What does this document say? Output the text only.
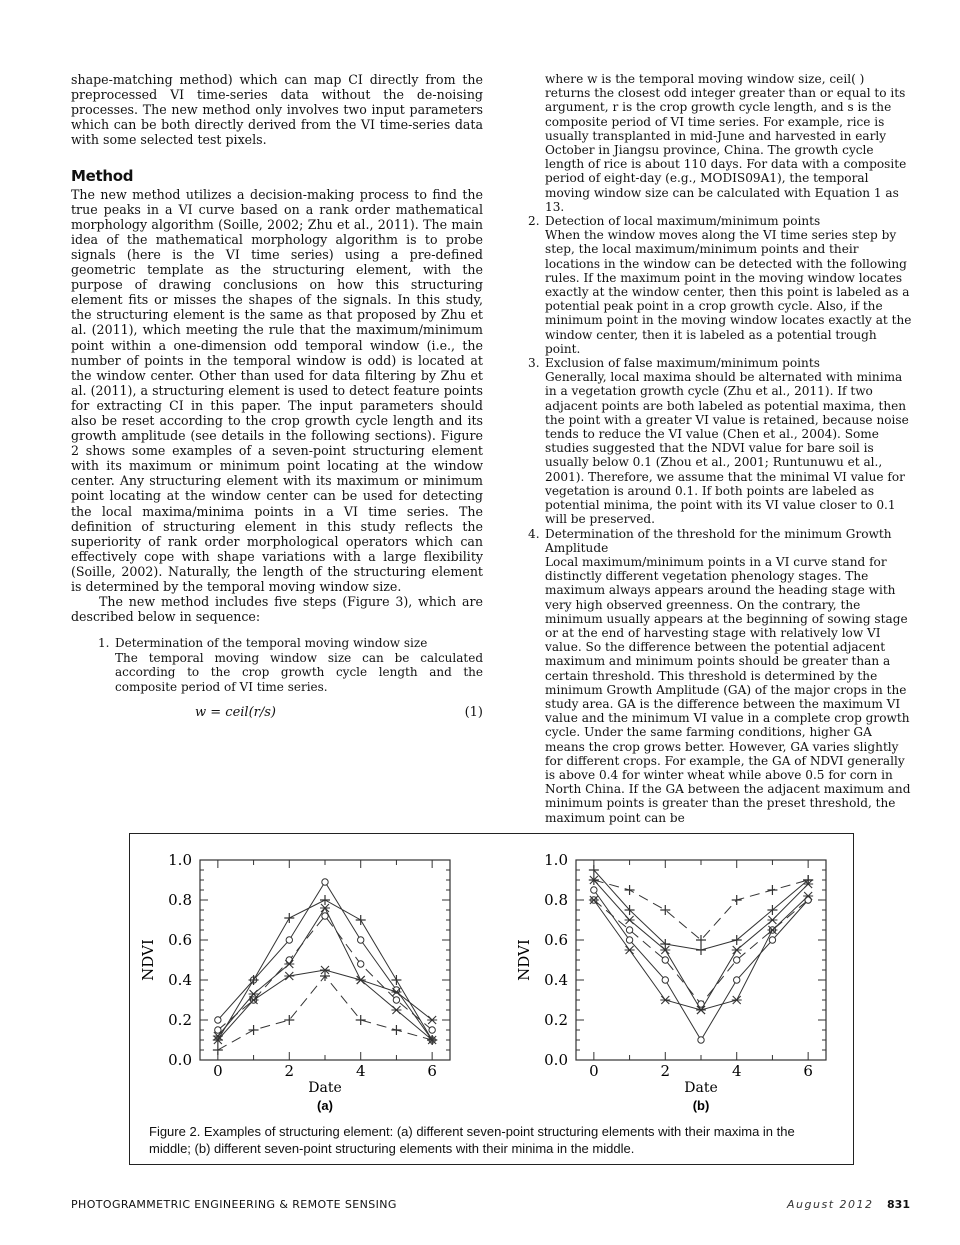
shape-matching method) which can map CI directly from the preprocessed VI time-series data without the de-noising processes. The new method only involves two input parameters which can be both directly derived from the VI time-series data with some selected test pixels.

Method

The new method utilizes a decision-making process to find the true peaks in a VI curve based on a rank order mathematical morphology algorithm (Soille, 2002; Zhu et al., 2011). The main idea of the mathematical morphology algorithm is to probe signals (here is the VI time series) using a pre-defined geometric template as the structuring element, with the purpose of drawing conclusions on how this structuring element fits or misses the shapes of the signals. In this study, the structuring element is the same as that proposed by Zhu et al. (2011), which meeting the rule that the maximum/minimum point within a one-dimension odd temporal window (i.e., the number of points in the temporal window is odd) is located at the window center. Other than used for data filtering by Zhu et al. (2011), a structuring element is used to detect feature points for extracting CI in this paper. The input parameters should also be reset according to the crop growth cycle length and its growth amplitude (see details in the following sections). Figure 2 shows some examples of a seven-point structuring element with its maximum or minimum point locating at the window center. Any structuring element with its maximum or minimum point locating at the window center can be used for detecting the local maxima/minima points in a VI time series. The definition of structuring element in this study reflects the superiority of rank order morphological operators which can effectively cope with shape variations with a large flexibility (Soille, 2002). Naturally, the length of the structuring element is determined by the temporal moving window size.

The new method includes five steps (Figure 3), which are described below in sequence:

1. Determination of the temporal moving window size
The temporal moving window size can be calculated according to the crop growth cycle length and the composite period of VI time series.
w = ceil(r/s)	(1)

where w is the temporal moving window size, ceil( ) returns the closest odd integer greater than or equal to its argument, r is the crop growth cycle length, and s is the composite period of VI time series. For example, rice is usually transplanted in mid-June and harvested in early October in Jiangsu province, China. The growth cycle length of rice is about 110 days. For data with a composite period of eight-day (e.g., MODIS09A1), the temporal moving window size can be calculated with Equation 1 as 13.

2. Detection of local maximum/minimum points
When the window moves along the VI time series step by step, the local maximum/minimum points and their locations in the window can be detected with the following rules. If the maximum point in the moving window locates exactly at the window center, then this point is labeled as a potential peak point in a crop growth cycle. Also, if the minimum point in the moving window locates exactly at the window center, then it is labeled as a potential trough point.
3. Exclusion of false maximum/minimum points
Generally, local maxima should be alternated with minima in a vegetation growth cycle (Zhu et al., 2011). If two adjacent points are both labeled as potential maxima, then the point with a greater VI value is retained, because noise tends to reduce the VI value (Chen et al., 2004). Some studies suggested that the NDVI value for bare soil is usually below 0.1 (Zhou et al., 2001; Runtunuwu et al., 2001). Therefore, we assume that the minimal VI value for vegetation is around 0.1. If both points are labeled as potential minima, the point with its VI value closer to 0.1 will be preserved.
4. Determination of the threshold for the minimum Growth Amplitude
Local maximum/minimum points in a VI curve stand for distinctly different vegetation phenology stages. The maximum always appears around the heading stage with very high observed greenness. On the contrary, the minimum usually appears at the beginning of sowing stage or at the end of harvesting stage with relatively low VI value. So the difference between the potential adjacent maximum and minimum points should be greater than a certain threshold. This threshold is determined by the minimum Growth Amplitude (GA) of the major crops in the study area. GA is the difference between the maximum VI value and the minimum VI value in a complete crop growth cycle. Under the same farming conditions, higher GA means the crop grows better. However, GA varies slightly for different crops. For example, the GA of NDVI generally is above 0.4 for winter wheat while above 0.5 for corn in North China. If the GA between the adjacent maximum and minimum points is greater than the preset threshold, the maximum point can be
0.0
0.2
0.4
0.6
0.8
1.0
0	2	4	6
Date
NDVI
(a)
0.0
0.2
0.4
0.6
0.8
1.0
0	2	4	6
Date
NDVI
(b)
Figure 2. Examples of structuring element: (a) different seven-point structuring elements with their maxima in the middle; (b) different seven-point structuring elements with their minima in the middle.
PHOTOGRAMMETRIC ENGINEERING & REMOTE SENSING	August 2012 831
